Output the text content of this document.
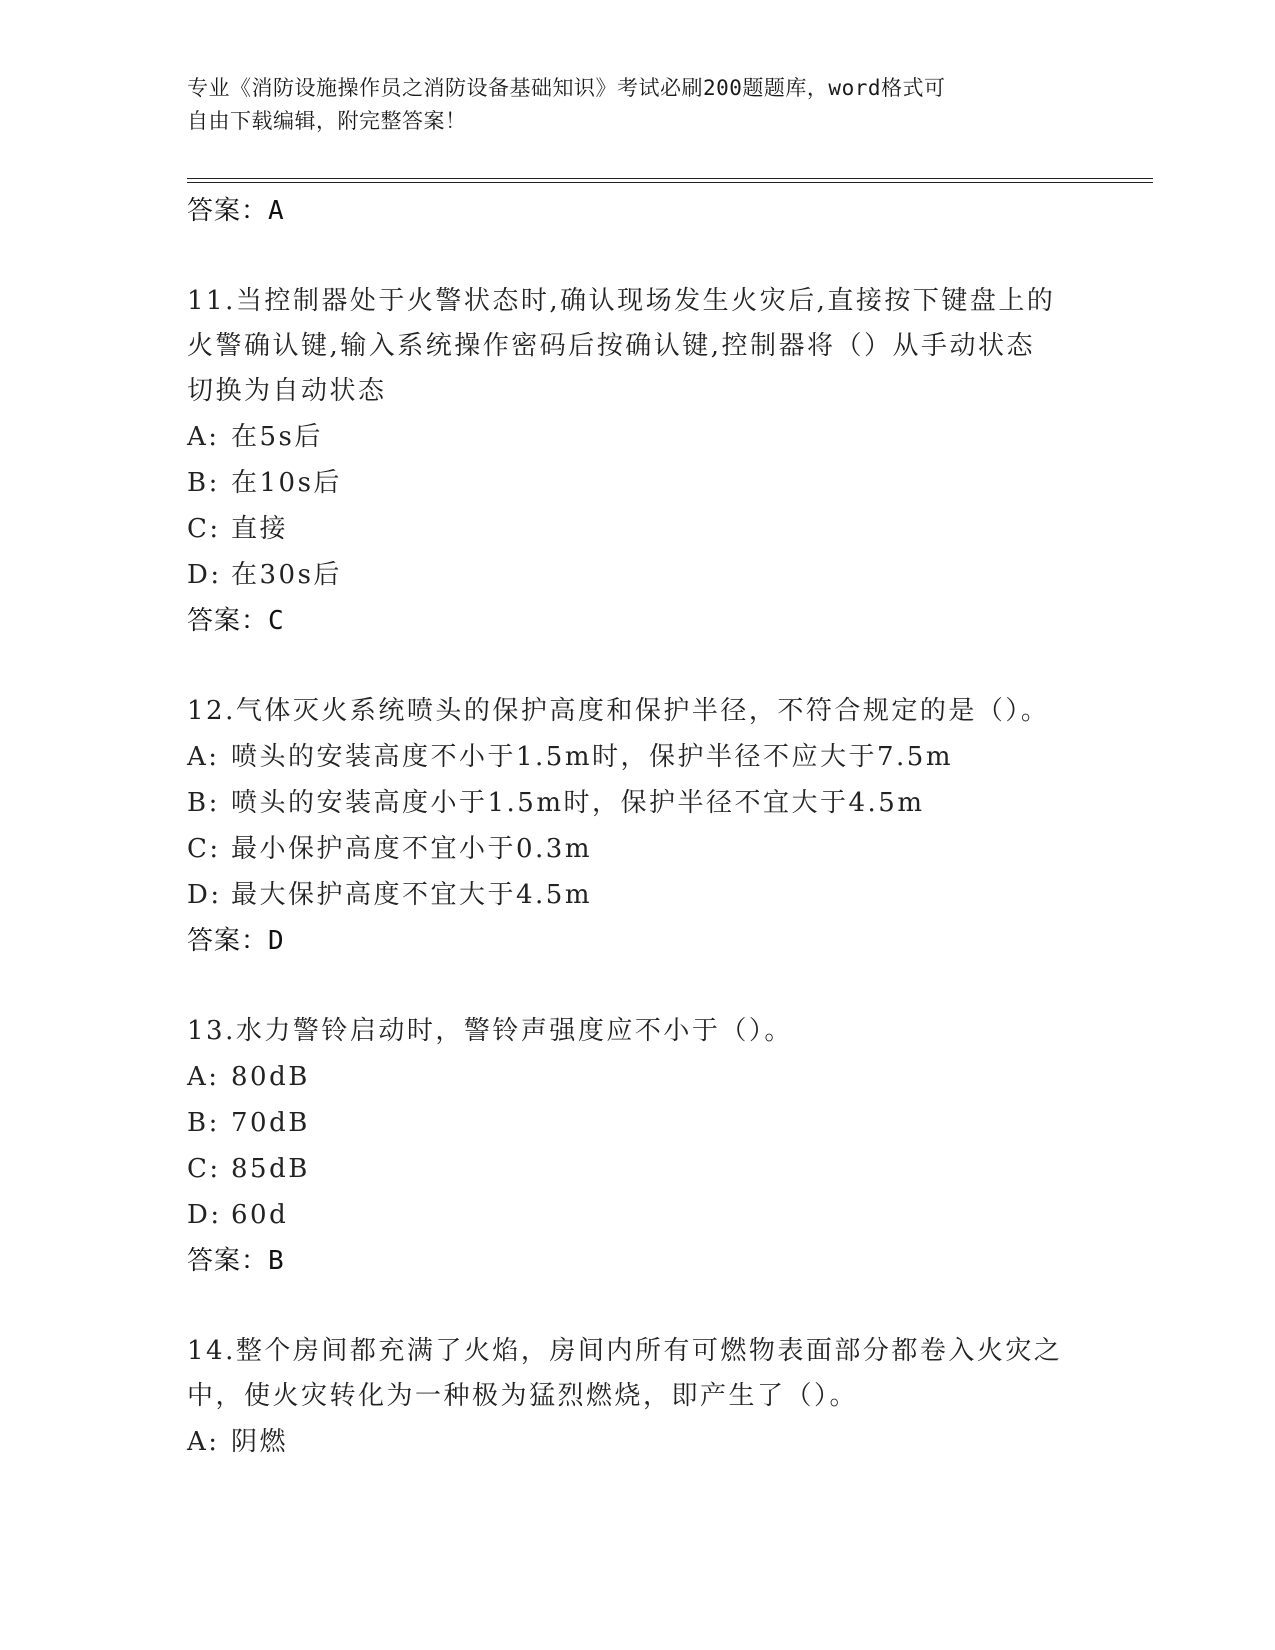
专业《消防设施操作员之消防设备基础知识》考试必刷200题题库，word格式可
自由下载编辑，附完整答案！
答案：A
11.当控制器处于火警状态时,确认现场发生火灾后,直接按下键盘上的
火警确认键,输入系统操作密码后按确认键,控制器将（）从手动状态
切换为自动状态
A: 在5s后
B: 在10s后
C: 直接
D: 在30s后
答案：C
12.气体灭火系统喷头的保护高度和保护半径，不符合规定的是（）。
A: 喷头的安装高度不小于1.5m时，保护半径不应大于7.5m
B: 喷头的安装高度小于1.5m时，保护半径不宜大于4.5m
C: 最小保护高度不宜小于0.3m
D: 最大保护高度不宜大于4.5m
答案：D
13.水力警铃启动时，警铃声强度应不小于（）。
A: 80dB
B: 70dB
C: 85dB
D: 60d
答案：B
14.整个房间都充满了火焰，房间内所有可燃物表面部分都卷入火灾之
中，使火灾转化为一种极为猛烈燃烧，即产生了（）。
A: 阴燃
